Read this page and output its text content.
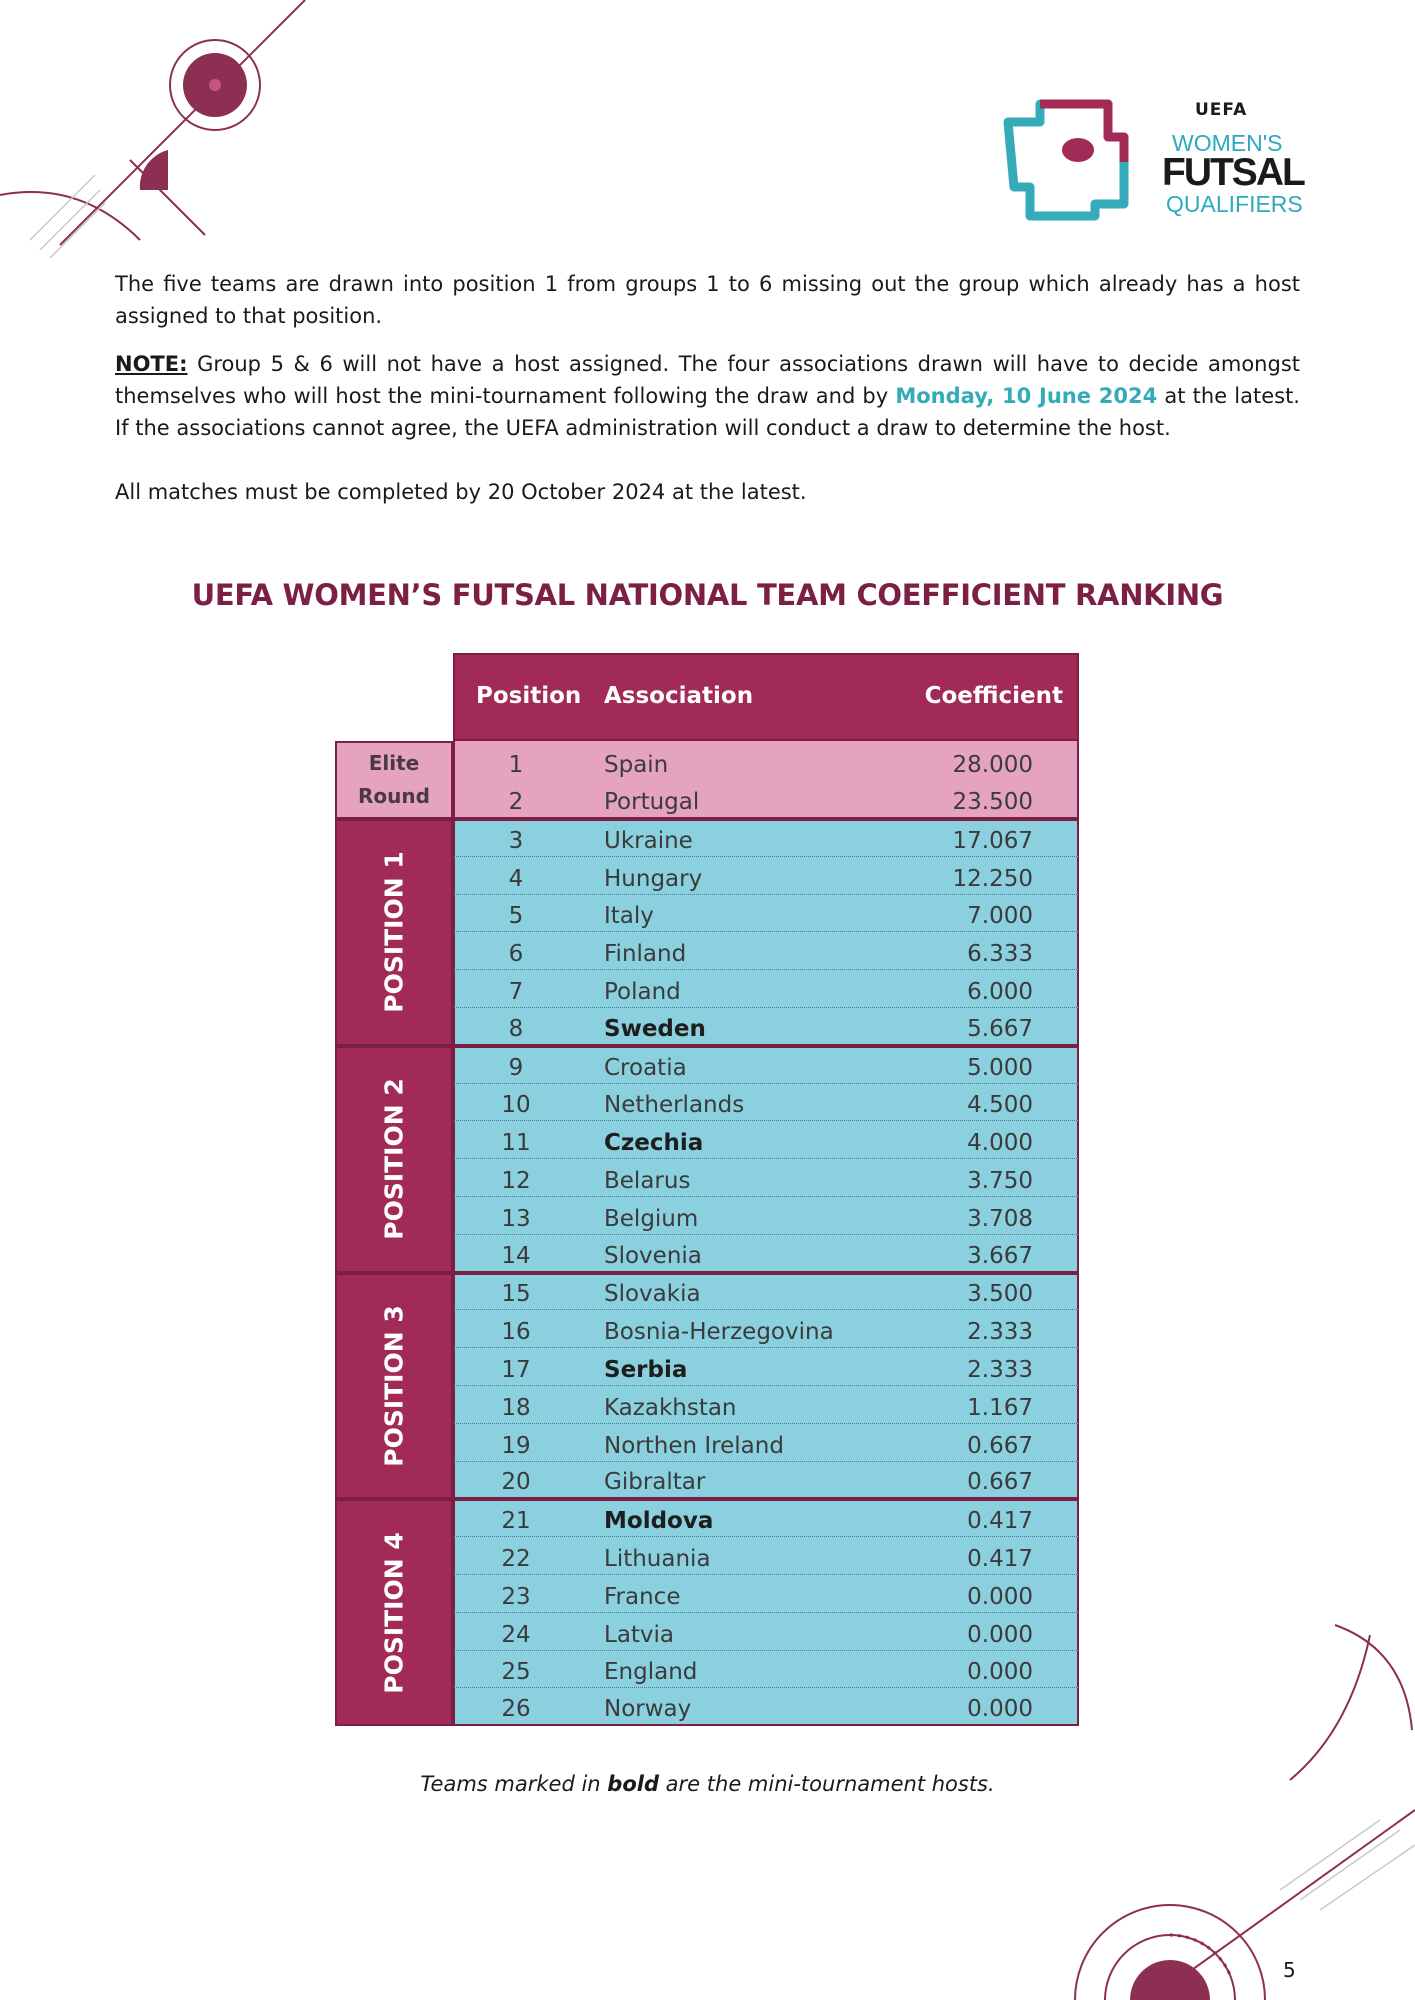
UEFA
WOMEN'S
FUTSAL
QUALIFIERS
The five teams are drawn into position 1 from groups 1 to 6 missing out the group which already has a host assigned to that position.
NOTE: Group 5 & 6 will not have a host assigned. The four associations drawn will have to decide amongst themselves who will host the mini-tournament following the draw and by Monday, 10 June 2024 at the latest. If the associations cannot agree, the UEFA administration will conduct a draw to determine the host.
All matches must be completed by 20 October 2024 at the latest.
UEFA WOMEN’S FUTSAL NATIONAL TEAM COEFFICIENT RANKING
Position Association	Coefficient
1	Spain	28.000
2	Portugal	23.500
Elite Round
3	Ukraine	17.067
4	Hungary	12.250
5	Italy	7.000
6	Finland	6.333
7	Poland	6.000
8	Sweden	5.667
POSITION 1
9	Croatia	5.000
10	Netherlands	4.500
11	Czechia	4.000
12	Belarus	3.750
13	Belgium	3.708
14	Slovenia	3.667
POSITION 2
15	Slovakia	3.500
16	Bosnia-Herzegovina	2.333
17	Serbia	2.333
18	Kazakhstan	1.167
19	Northen Ireland	0.667
20	Gibraltar	0.667
POSITION 3
21	Moldova	0.417
22	Lithuania	0.417
23	France	0.000
24	Latvia	0.000
25	England	0.000
26	Norway	0.000
POSITION 4
Teams marked in bold are the mini-tournament hosts.
5
